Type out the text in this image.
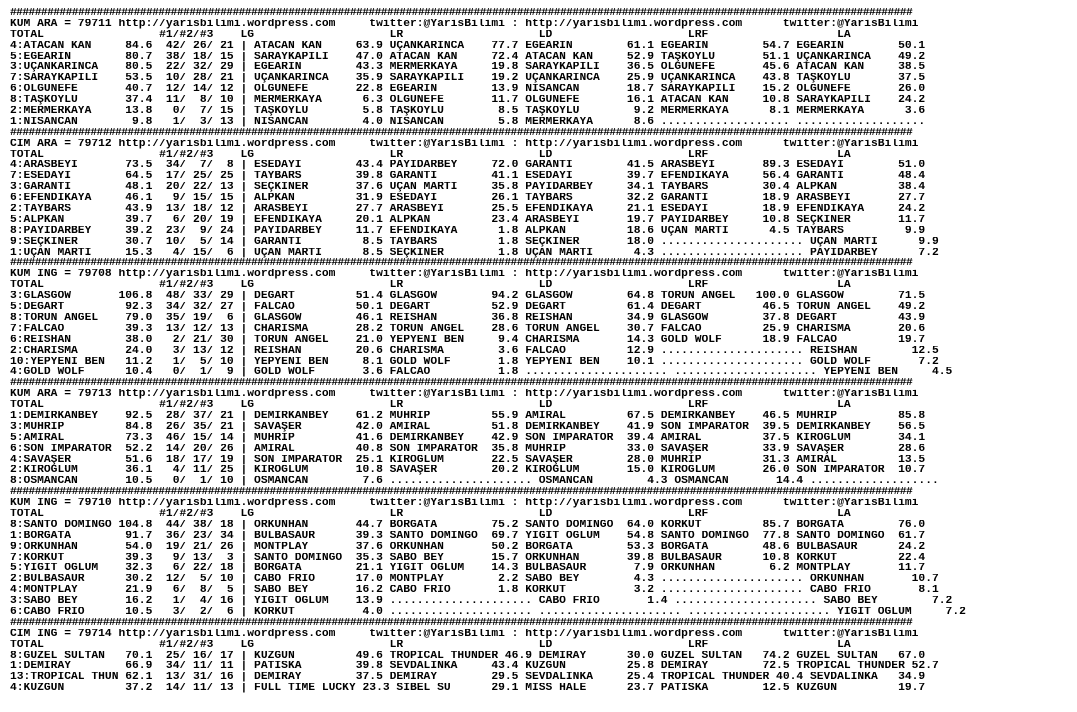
##################################################################################################################################################
KUM ARA = 79711 http://yarisbilimi.wordpress.com     twitter:@YarisBilimi : http://yarisbilimi.wordpress.com      twitter:@YarisBilimi
TOTAL                 #1/#2/#3    LG                    LR                    LD                    LRF                   LA
4:ATACAN KAN     84.6  42/ 26/ 21 | ATACAN KAN     63.9 UÇANKARINCA    77.7 EGEARIN        61.1 EGEARIN        54.7 EGEARIN        50.1
5:EGEARIN        80.7  38/ 18/ 15 | SARAYKAPILI    47.0 ATACAN KAN     72.4 ATACAN KAN     52.9 TAŞKÖYLÜ       51.1 UÇANKARINCA    49.2
3:UÇANKARINCA    80.5  22/ 32/ 29 | EGEARIN        43.3 MERMERKAYA     19.8 SARAYKAPILI    36.5 OLGUNEFE       45.6 ATACAN KAN     38.5
7:SARAYKAPILI    53.5  10/ 28/ 21 | UÇANKARINCA    35.9 SARAYKAPILI    19.2 UÇANKARINCA    25.9 UÇANKARINCA    43.8 TAŞKÖYLÜ       37.5
6:OLGUNEFE       40.7  12/ 14/ 12 | OLGUNEFE       22.8 EGEARIN        13.9 NİSANCAN       18.7 SARAYKAPILI    15.2 OLGUNEFE       26.0
8:TAŞKÖYLÜ       37.4  11/  8/ 10 | MERMERKAYA      6.3 OLGUNEFE       11.7 OLGUNEFE       16.1 ATACAN KAN     10.8 SARAYKAPILI    24.2
2:MERMERKAYA     13.8   0/  7/ 15 | TAŞKÖYLÜ        5.8 TAŞKÖYLÜ        8.5 TAŞKÖYLÜ        9.2 MERMERKAYA      8.1 MERMERKAYA      3.6
1:NİSANCAN        9.8   1/  3/ 13 | NİSANCAN        4.0 NİSANCAN        5.8 MERMERKAYA      8.6 ................... ...................
##################################################################################################################################################
CIM ARA = 79712 http://yarisbilimi.wordpress.com     twitter:@YarisBilimi : http://yarisbilimi.wordpress.com      twitter:@YarisBilimi
TOTAL                 #1/#2/#3    LG                    LR                    LD                    LRF                   LA
4:ARASBEYİ       73.5  34/  7/  8 | ESEDAYI        43.4 PAYİDARBEY     72.0 GARANTİ        41.5 ARASBEYİ       89.3 ESEDAYI        51.0
7:ESEDAYI        64.5  17/ 25/ 25 | TAYBARS        39.8 GARANTİ        41.1 ESEDAYI        39.7 EFENDİKAYA     56.4 GARANTİ        48.4
3:GARANTİ        48.1  20/ 22/ 13 | SEÇKİNER       37.6 UÇAN MARTI     35.8 PAYİDARBEY     34.1 TAYBARS        30.4 ALPKAN         38.4
6:EFENDİKAYA     46.1   9/ 15/ 15 | ALPKAN         31.9 ESEDAYI        26.1 TAYBARS        32.2 GARANTİ        18.9 ARASBEYİ       27.7
2:TAYBARS        43.9  13/ 18/ 12 | ARASBEYİ       27.7 ARASBEYİ       25.5 EFENDİKAYA     21.1 ESEDAYI        18.9 EFENDİKAYA     24.2
5:ALPKAN         39.7   6/ 20/ 19 | EFENDİKAYA     20.1 ALPKAN         23.4 ARASBEYİ       19.7 PAYİDARBEY     10.8 SEÇKİNER       11.7
8:PAYİDARBEY     39.2  23/  9/ 24 | PAYİDARBEY     11.7 EFENDİKAYA      1.8 ALPKAN         18.6 UÇAN MARTI      4.5 TAYBARS         9.9
9:SEÇKİNER       30.7  10/  5/ 14 | GARANTİ         8.5 TAYBARS         1.8 SEÇKİNER       18.0 ..................... UÇAN MARTI      9.9
1:UÇAN MARTI     15.3   4/ 15/  6 | UÇAN MARTI      8.5 SEÇKİNER        1.8 UÇAN MARTI      4.3 ..................... PAYİDARBEY      7.2
##################################################################################################################################################
KUM ING = 79708 http://yarisbilimi.wordpress.com     twitter:@YarisBilimi : http://yarisbilimi.wordpress.com      twitter:@YarisBilimi
TOTAL                 #1/#2/#3    LG                    LR                    LD                    LRF                   LA
3:GLASGOW       106.8  48/ 33/ 29 | DEGART         51.4 GLASGOW        94.2 GLASGOW        64.8 TORUN ANGEL   100.0 GLASGOW        71.5
5:DEGART         92.3  34/ 32/ 27 | FALCAO         50.1 DEGART         52.9 DEGART         61.4 DEGART         46.5 TORUN ANGEL    49.2
8:TORUN ANGEL    79.0  35/ 19/  6 | GLASGOW        46.1 REİSHAN        36.8 REİSHAN        34.9 GLASGOW        37.8 DEGART         43.9
7:FALCAO         39.3  13/ 12/ 13 | CHARISMA       28.2 TORUN ANGEL    28.6 TORUN ANGEL    30.7 FALCAO         25.9 CHARISMA       20.6
6:REİSHAN        38.0   2/ 21/ 30 | TORUN ANGEL    21.0 YEPYENİ BEN     9.4 CHARISMA       14.3 GOLD WOLF      18.9 FALCAO         19.7
2:CHARISMA       24.0   3/ 13/ 12 | REİSHAN        20.6 CHARISMA        3.6 FALCAO         12.9 ..................... REİSHAN        12.5
10:YEPYENİ BEN   11.2   1/  5/ 10 | YEPYENİ BEN     8.1 GOLD WOLF       1.8 YEPYENİ BEN    10.1 ..................... GOLD WOLF       7.2
4:GOLD WOLF      10.4   0/  1/  9 | GOLD WOLF       3.6 FALCAO          1.8 ..................... ..................... YEPYENİ BEN     4.5
##################################################################################################################################################
KUM ARA = 79713 http://yarisbilimi.wordpress.com     twitter:@YarisBilimi : http://yarisbilimi.wordpress.com      twitter:@YarisBilimi
TOTAL                 #1/#2/#3    LG                    LR                    LD                    LRF                   LA
1:DEMİRKANBEY    92.5  28/ 37/ 21 | DEMİRKANBEY    61.2 MUHRİP         55.9 AMİRAL         67.5 DEMİRKANBEY    46.5 MUHRİP         85.8
3:MUHRİP         84.8  26/ 35/ 21 | SAVAŞER        42.0 AMİRAL         51.8 DEMİRKANBEY    41.9 SON İMPARATOR  39.5 DEMİRKANBEY    56.5
5:AMİRAL         73.3  46/ 15/ 14 | MUHRİP         41.6 DEMİRKANBEY    42.9 SON İMPARATOR  39.4 AMİRAL         37.5 KIROĞLUM       34.1
6:SON İMPARATOR  52.2  14/ 20/ 26 | AMİRAL         40.8 SON İMPARATOR  35.8 MUHRİP         33.0 SAVAŞER        33.9 SAVAŞER        28.6
4:SAVAŞER        51.6  18/ 17/ 19 | SON İMPARATOR  25.1 KIROĞLUM       22.5 SAVAŞER        28.0 MUHRİP         31.3 AMİRAL         13.5
2:KIROĞLUM       36.1   4/ 11/ 25 | KIROĞLUM       10.8 SAVAŞER        20.2 KIROĞLUM       15.0 KIROĞLUM       26.0 SON İMPARATOR  10.7
8:OSMANCAN       10.5   0/  1/ 10 | OSMANCAN        7.6 ..................... OSMANCAN        4.3 OSMANCAN       14.4 ...................
##################################################################################################################################################
KUM ING = 79710 http://yarisbilimi.wordpress.com     twitter:@YarisBilimi : http://yarisbilimi.wordpress.com      twitter:@YarisBilimi
TOTAL                 #1/#2/#3    LG                    LR                    LD                    LRF                   LA
8:SANTO DOMINGO 104.8  44/ 38/ 18 | ORKUNHAN       44.7 BORGATA        75.2 SANTO DOMINGO  64.0 KORKUT         85.7 BORGATA        76.0
1:BORGATA        91.7  36/ 23/ 34 | BULBASAUR      39.3 SANTO DOMINGO  69.7 YİĞİT OĞLUM    54.8 SANTO DOMINGO  77.8 SANTO DOMINGO  61.7
9:ORKUNHAN       54.0  19/ 21/ 26 | MONTPLAY       37.6 ORKUNHAN       50.2 BORGATA        53.3 BORGATA        48.6 BULBASAUR      24.2
7:KORKUT         39.3   9/ 13/  3 | SANTO DOMINGO  35.3 SABO BEY       15.7 ORKUNHAN       39.8 BULBASAUR      10.8 KORKUT         22.4
5:YİĞİT OĞLUM    32.3   6/ 22/ 18 | BORGATA        21.1 YİĞİT OĞLUM    14.3 BULBASAUR       7.9 ORKUNHAN        6.2 MONTPLAY       11.7
2:BULBASAUR      30.2  12/  5/ 10 | CABO FRIO      17.0 MONTPLAY        2.2 SABO BEY        4.3 ..................... ORKUNHAN       10.7
4:MONTPLAY       21.9   6/  8/  5 | SABO BEY       16.2 CABO FRIO       1.8 KORKUT          3.2 ..................... CABO FRIO       8.1
3:SABO BEY       16.2   1/  4/ 16 | YİĞİT OĞLUM    13.9 ..................... CABO FRIO       1.4 ..................... SABO BEY        7.2
6:CABO FRIO      10.5   3/  2/  6 | KORKUT          4.0 ..................... ..................... ..................... YİĞİT OĞLUM     7.2
##################################################################################################################################################
CIM ING = 79714 http://yarisbilimi.wordpress.com     twitter:@YarisBilimi : http://yarisbilimi.wordpress.com      twitter:@YarisBilimi
TOTAL                 #1/#2/#3    LG                    LR                    LD                    LRF                   LA
8:GÜZEL SULTAN   70.1  25/ 16/ 17 | KUZGUN         49.6 TROPICAL THUNDER 46.9 DEMİRAY      30.0 GÜZEL SULTAN   74.2 GÜZEL SULTAN   67.0
1:DEMİRAY        66.9  34/ 11/ 11 | PATİSKA        39.8 SEVDALİNKA     43.4 KUZGUN         25.8 DEMİRAY        72.5 TROPICAL THUNDER 52.7
13:TROPICAL THUN 62.1  13/ 31/ 16 | DEMİRAY        37.5 DEMİRAY        29.5 SEVDALİNKA     25.4 TROPICAL THUNDER 40.4 SEVDALİNKA   34.9
4:KUZGUN         37.2  14/ 11/ 13 | FULL TIME LUCKY 23.3 SİBEL SU      29.1 MISS HALE      23.7 PATİSKA        12.5 KUZGUN         19.7
